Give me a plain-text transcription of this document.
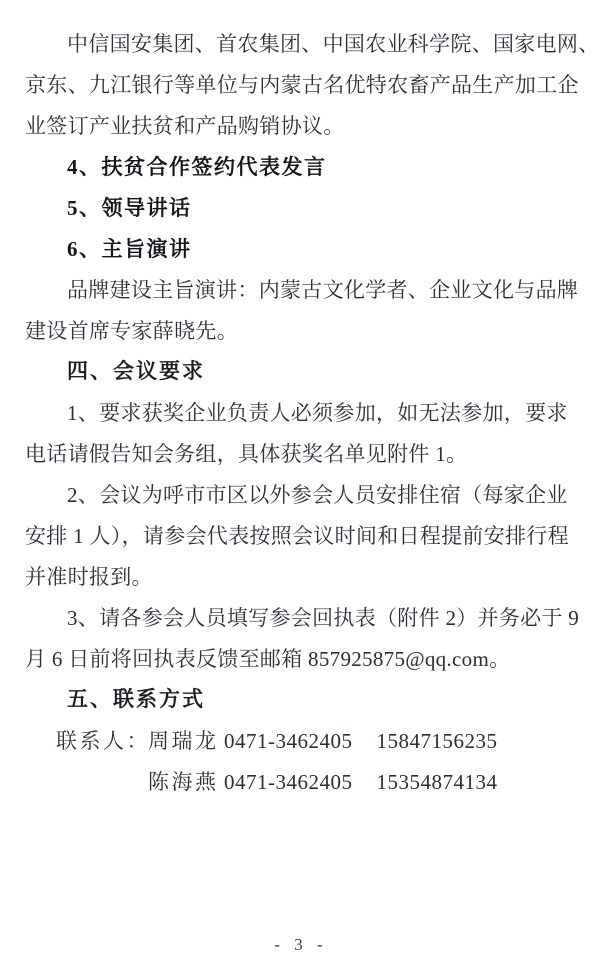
中信国安集团、首农集团、中国农业科学院、国家电网、
京东、九江银行等单位与内蒙古名优特农畜产品生产加工企
业签订产业扶贫和产品购销协议。
4、扶贫合作签约代表发言
5、领导讲话
6、主旨演讲
品牌建设主旨演讲：内蒙古文化学者、企业文化与品牌
建设首席专家薛晓先。
四、会议要求
1、要求获奖企业负责人必须参加，如无法参加，要求
电话请假告知会务组，具体获奖名单见附件 1。
2、会议为呼市市区以外参会人员安排住宿（每家企业
安排 1 人），请参会代表按照会议时间和日程提前安排行程
并准时报到。
3、请各参会人员填写参会回执表（附件 2）并务必于 9
月 6 日前将回执表反馈至邮箱 857925875@qq.com。
五、联系方式
联系人：周瑞龙 0471-3462405 15847156235
陈海燕 0471-3462405 15354874134
- 3 -
